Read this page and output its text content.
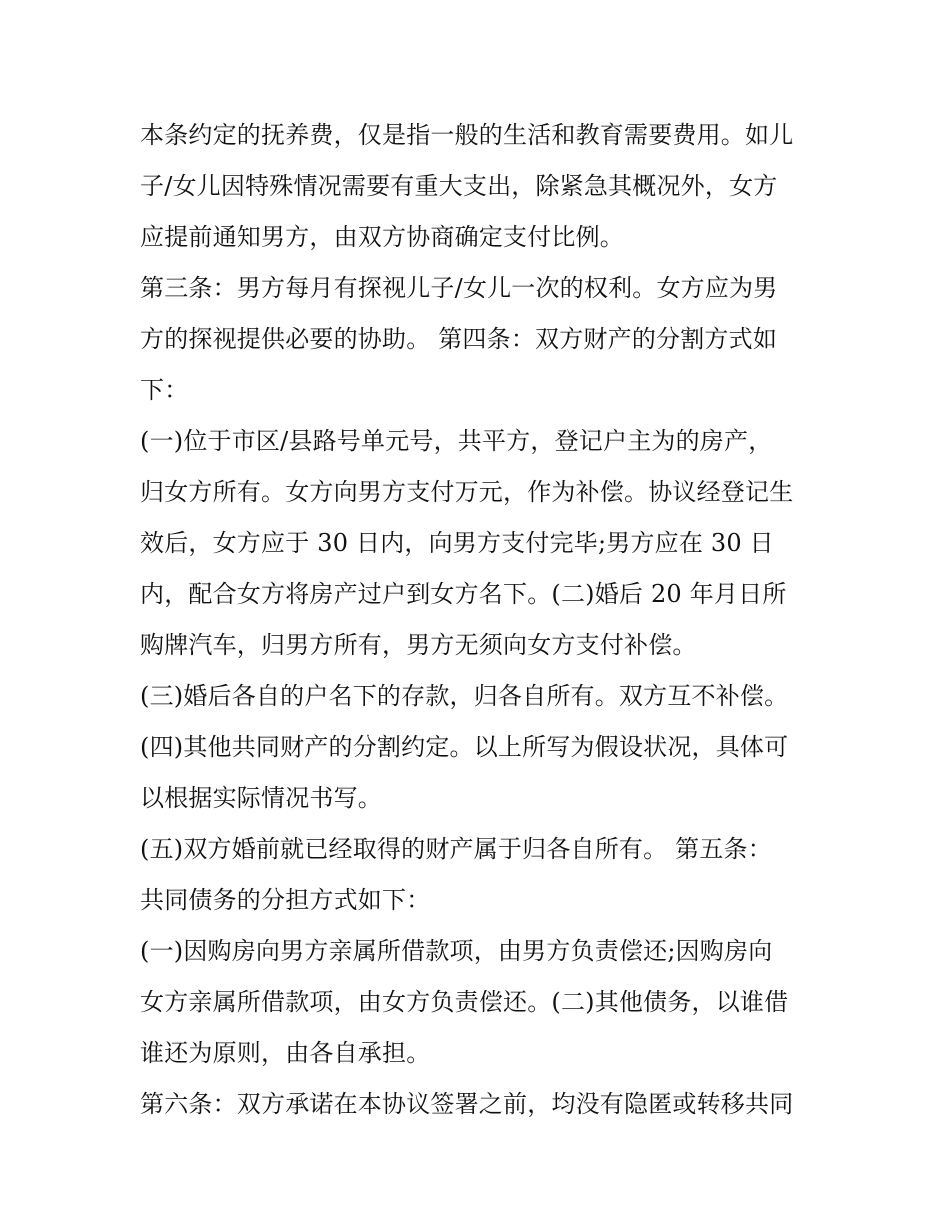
本条约定的抚养费，仅是指一般的生活和教育需要费用。如儿
子/女儿因特殊情况需要有重大支出，除紧急其概况外，女方
应提前通知男方，由双方协商确定支付比例。
第三条：男方每月有探视儿子/女儿一次的权利。女方应为男
方的探视提供必要的协助。 第四条：双方财产的分割方式如
下：
(一)位于市区/县路号单元号，共平方，登记户主为的房产，
归女方所有。女方向男方支付万元，作为补偿。协议经登记生
效后，女方应于 30 日内，向男方支付完毕;男方应在 30 日
内，配合女方将房产过户到女方名下。(二)婚后 20 年月日所
购牌汽车，归男方所有，男方无须向女方支付补偿。
(三)婚后各自的户名下的存款，归各自所有。双方互不补偿。
(四)其他共同财产的分割约定。以上所写为假设状况，具体可
以根据实际情况书写。
(五)双方婚前就已经取得的财产属于归各自所有。 第五条：
共同债务的分担方式如下：
(一)因购房向男方亲属所借款项，由男方负责偿还;因购房向
女方亲属所借款项，由女方负责偿还。(二)其他债务，以谁借
谁还为原则，由各自承担。
第六条：双方承诺在本协议签署之前，均没有隐匿或转移共同
